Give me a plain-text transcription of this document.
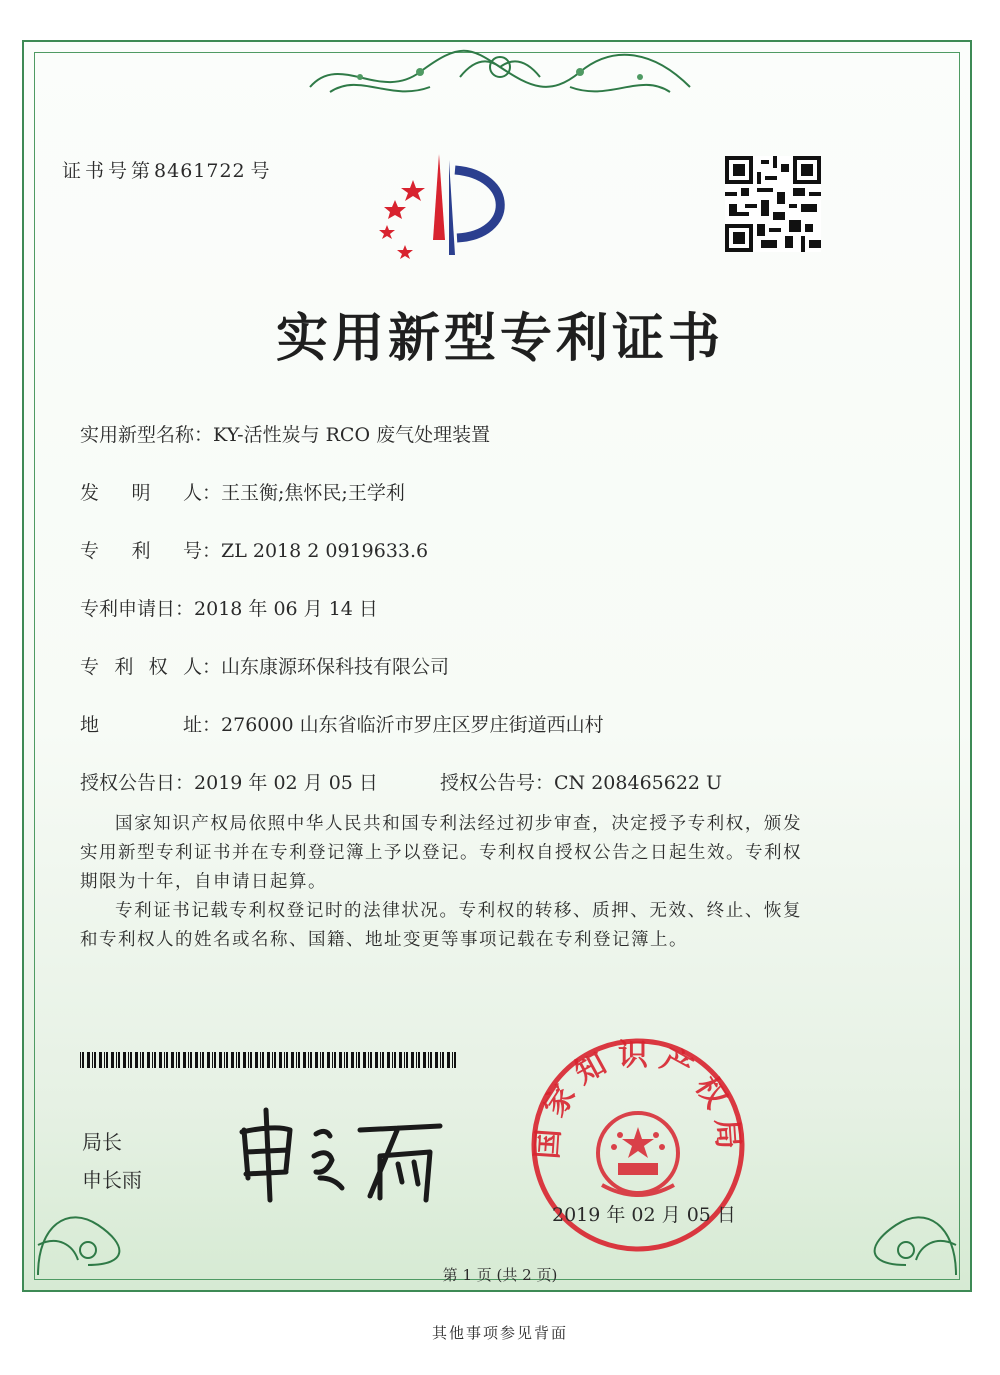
证书号第8461722  号
实用新型专利证书
实用新型名称：KY-活性炭与 RCO 废气处理装置
发明人：王玉衡;焦怀民;王学利
专利号：ZL 2018 2 0919633.6
专利申请日：2018 年 06 月 14 日
专利权人：山东康源环保科技有限公司
地址：276000 山东省临沂市罗庄区罗庄街道西山村
授权公告日：2019 年 02 月 05 日	授权公告号：CN 208465622 U
国家知识产权局依照中华人民共和国专利法经过初步审查，决定授予专利权，颁发实用新型专利证书并在专利登记簿上予以登记。专利权自授权公告之日起生效。专利权期限为十年，自申请日起算。
专利证书记载专利权登记时的法律状况。专利权的转移、质押、无效、终止、恢复和专利权人的姓名或名称、国籍、地址变更等事项记载在专利登记簿上。
局长
申长雨
国家知识产权局
2019 年 02 月 05 日
第 1 页 (共 2 页)
其他事项参见背面
